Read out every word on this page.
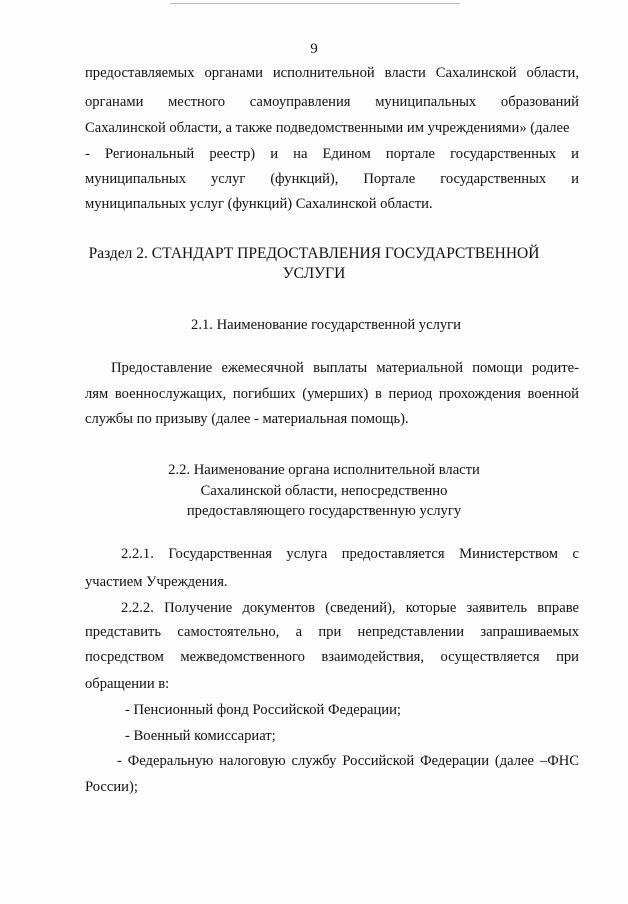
9
предоставляемых органами исполнительной власти Сахалинской области,
органами местного самоуправления муниципальных образований
Сахалинской области, а также подведомственными им учреждениями» (далее
- Региональный реестр) и на Едином портале государственных и
муниципальных услуг (функций), Портале государственных и
муниципальных услуг (функций) Сахалинской области.
Раздел 2. СТАНДАРТ ПРЕДОСТАВЛЕНИЯ ГОСУДАРСТВЕННОЙ
УСЛУГИ
2.1. Наименование государственной услуги
Предоставление ежемесячной выплаты материальной помощи родите-
лям военнослужащих, погибших (умерших) в период прохождения военной
службы по призыву (далее - материальная помощь).
2.2. Наименование органа исполнительной власти
Сахалинской области, непосредственно
предоставляющего государственную услугу
2.2.1. Государственная услуга предоставляется Министерством с
участием Учреждения.
2.2.2. Получение документов (сведений), которые заявитель вправе
представить самостоятельно, а при непредставлении запрашиваемых
посредством межведомственного взаимодействия, осуществляется при
обращении в:
- Пенсионный фонд Российской Федерации;
- Военный комиссариат;
- Федеральную налоговую службу Российской Федерации (далее –ФНС
России);
